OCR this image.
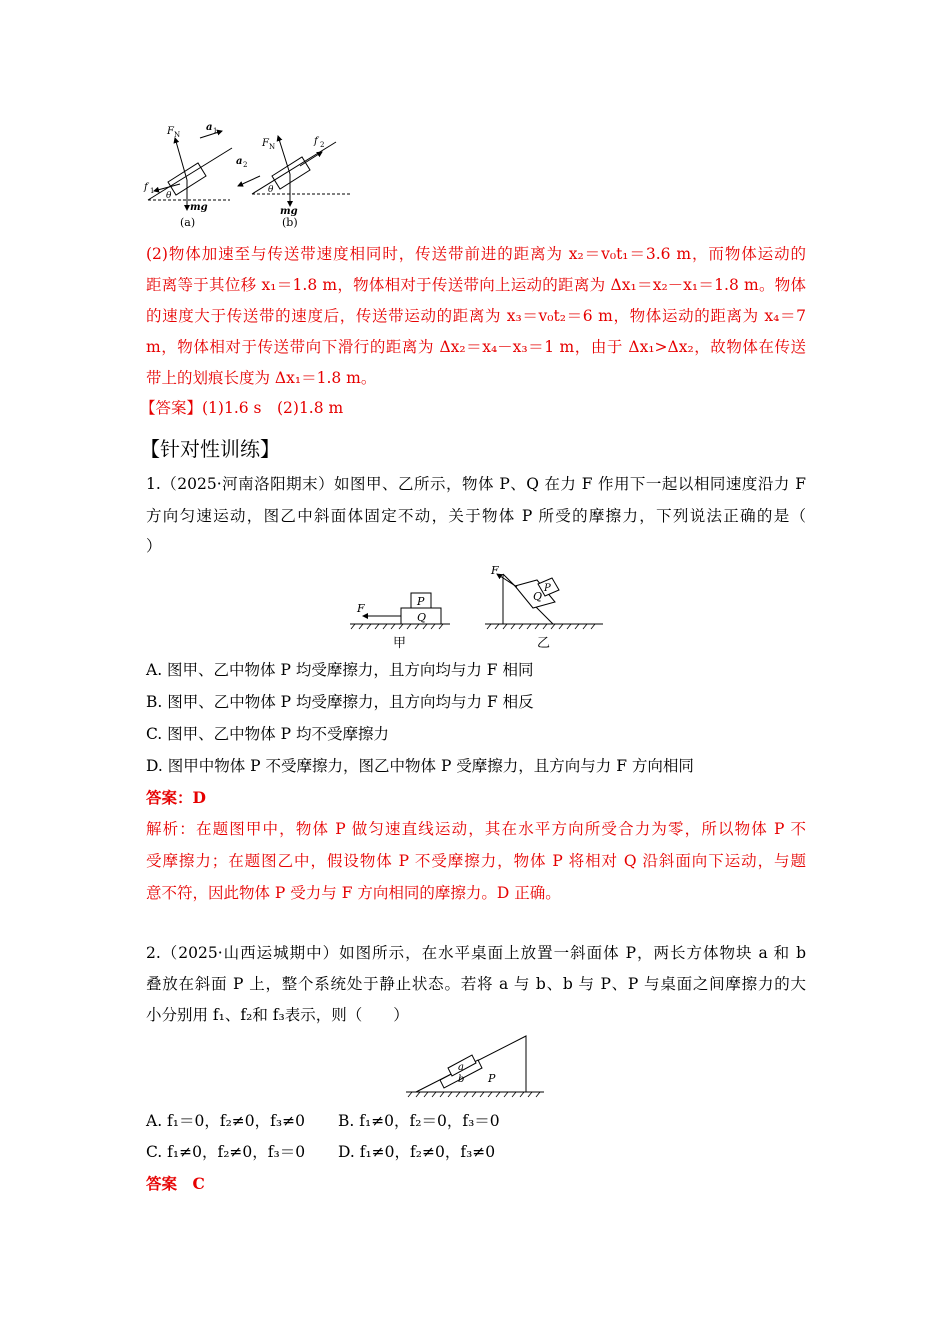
F N
a 1
f 1 θ
mg
(a)
F N
a 2
f 2
θ
mg
(b)
(2)物体加速至与传送带速度相同时，传送带前进的距离为 x₂＝v₀t₁＝3.6 m，而物体运动的
距离等于其位移 x₁＝1.8 m，物体相对于传送带向上运动的距离为 Δx₁＝x₂－x₁＝1.8 m。物体
的速度大于传送带的速度后，传送带运动的距离为 x₃＝v₀t₂＝6 m，物体运动的距离为 x₄＝7
m，物体相对于传送带向下滑行的距离为 Δx₂＝x₄－x₃＝1 m，由于 Δx₁>Δx₂，故物体在传送
带上的划痕长度为 Δx₁＝1.8 m。
【答案】(1)1.6 s　(2)1.8 m
【针对性训练】
1.（2025·河南洛阳期末）如图甲、乙所示，物体 P、Q 在力 F 作用下一起以相同速度沿力 F
方向匀速运动，图乙中斜面体固定不动，关于物体 P 所受的摩擦力，下列说法正确的是（
）
P
Q
F
甲
P
Q
F
乙
A. 图甲、乙中物体 P 均受摩擦力，且方向均与力 F 相同
B. 图甲、乙中物体 P 均受摩擦力，且方向均与力 F 相反
C. 图甲、乙中物体 P 均不受摩擦力
D. 图甲中物体 P 不受摩擦力，图乙中物体 P 受摩擦力，且方向与力 F 方向相同
答案：D
解析：在题图甲中，物体 P 做匀速直线运动，其在水平方向所受合力为零，所以物体 P 不
受摩擦力；在题图乙中，假设物体 P 不受摩擦力，物体 P 将相对 Q 沿斜面向下运动，与题
意不符，因此物体 P 受力与 F 方向相同的摩擦力。D 正确。
2.（2025·山西运城期中）如图所示，在水平桌面上放置一斜面体 P，两长方体物块 a 和 b
叠放在斜面 P 上，整个系统处于静止状态。若将 a 与 b、b 与 P、P 与桌面之间摩擦力的大
小分别用 f₁、f₂和 f₃表示，则（　　）
a
b P
A. f₁＝0，f₂≠0，f₃≠0 B. f₁≠0，f₂＝0，f₃＝0
C. f₁≠0，f₂≠0，f₃＝0 D. f₁≠0，f₂≠0，f₃≠0
答案　C
